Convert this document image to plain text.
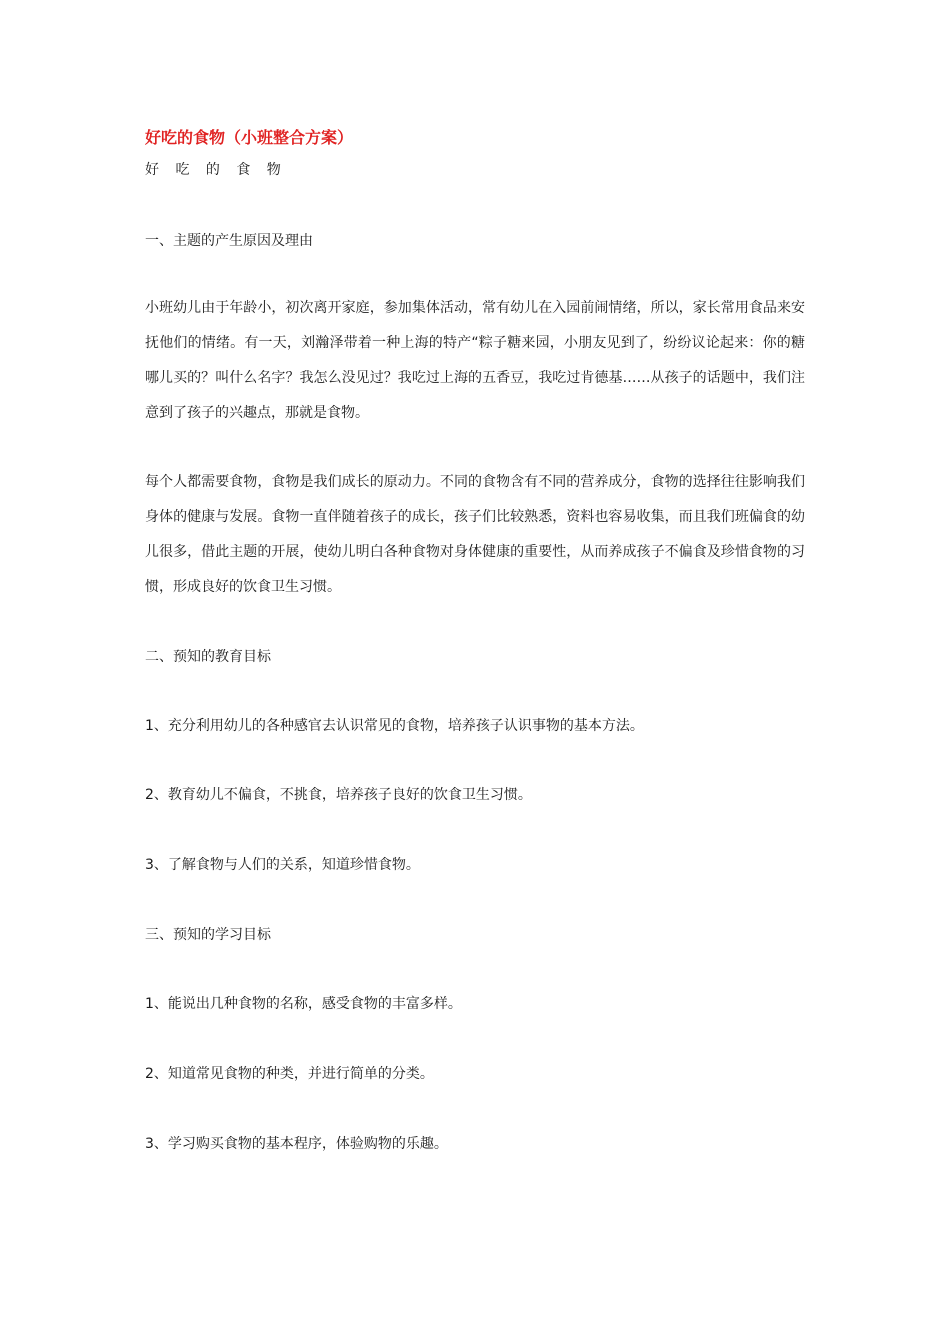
好吃的食物（小班整合方案）

好 吃 的 食 物

一、主题的产生原因及理由

小班幼儿由于年龄小，初次离开家庭，参加集体活动，常有幼儿在入园前闹情绪，所以，家长常用食品来安抚他们的情绪。有一天，刘瀚泽带着一种上海的特产“粽子糖来园，小朋友见到了，纷纷议论起来：你的糖哪儿买的？叫什么名字？我怎么没见过？我吃过上海的五香豆，我吃过肯德基……从孩子的话题中，我们注意到了孩子的兴趣点，那就是食物。

每个人都需要食物，食物是我们成长的原动力。不同的食物含有不同的营养成分，食物的选择往往影响我们身体的健康与发展。食物一直伴随着孩子的成长，孩子们比较熟悉，资料也容易收集，而且我们班偏食的幼儿很多，借此主题的开展，使幼儿明白各种食物对身体健康的重要性，从而养成孩子不偏食及珍惜食物的习惯，形成良好的饮食卫生习惯。

二、预知的教育目标

1、充分利用幼儿的各种感官去认识常见的食物，培养孩子认识事物的基本方法。

2、教育幼儿不偏食，不挑食，培养孩子良好的饮食卫生习惯。

3、了解食物与人们的关系，知道珍惜食物。

三、预知的学习目标

1、能说出几种食物的名称，感受食物的丰富多样。

2、知道常见食物的种类，并进行简单的分类。

3、学习购买食物的基本程序，体验购物的乐趣。
